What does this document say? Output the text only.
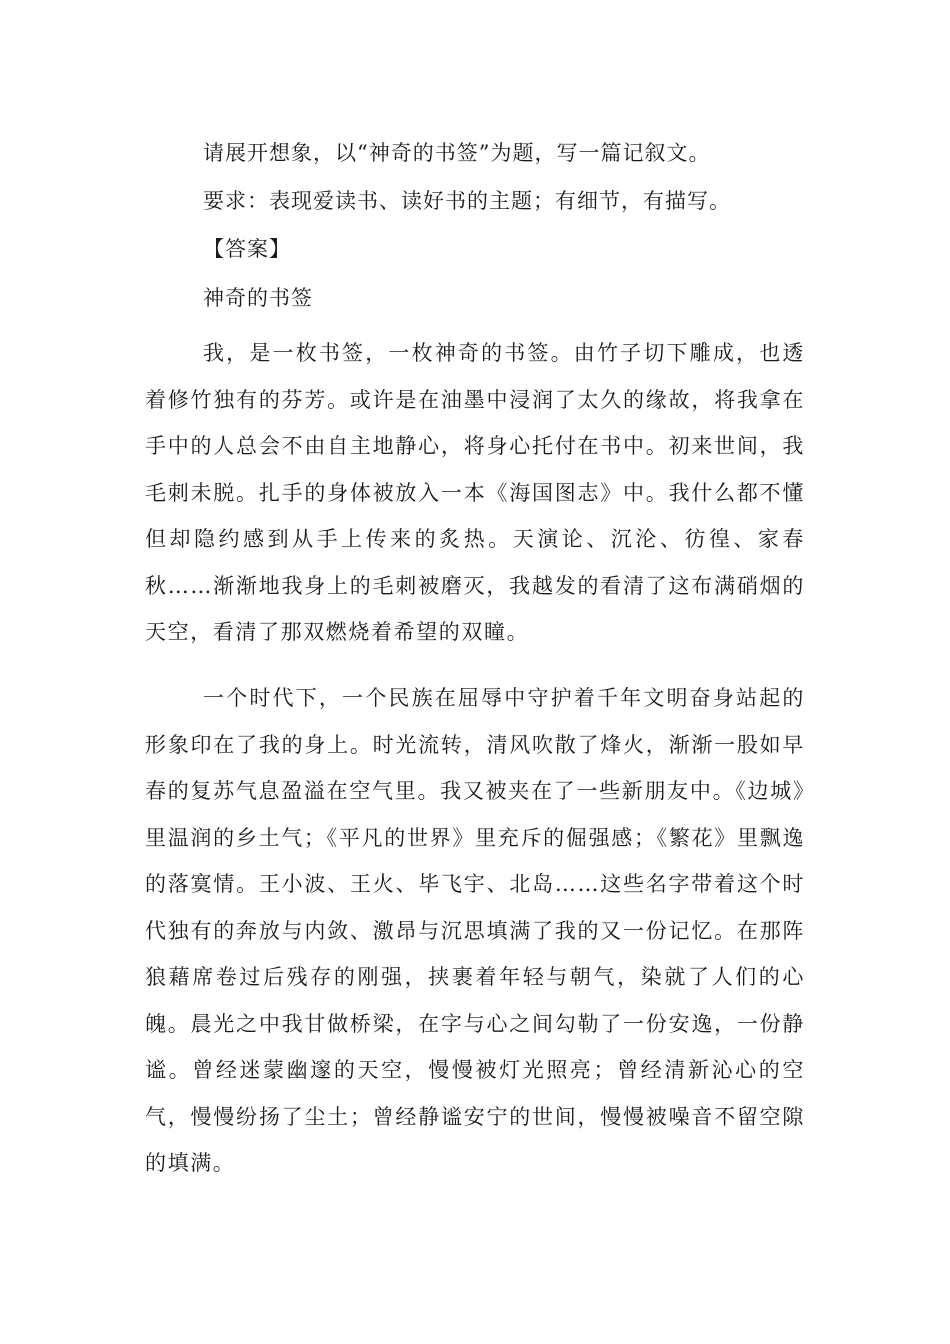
请展开想象，以“神奇的书签”为题，写一篇记叙文。
要求：表现爱读书、读好书的主题；有细节，有描写。
【答案】
神奇的书签

我，是一枚书签，一枚神奇的书签。由竹子切下雕成，也透着修竹独有的芬芳。或许是在油墨中浸润了太久的缘故，将我拿在手中的人总会不由自主地静心，将身心托付在书中。初来世间，我毛刺未脱。扎手的身体被放入一本《海国图志》中。我什么都不懂但却隐约感到从手上传来的炙热。天演论、沉沦、彷徨、家春秋……渐渐地我身上的毛刺被磨灭，我越发的看清了这布满硝烟的天空，看清了那双燃烧着希望的双瞳。

一个时代下，一个民族在屈辱中守护着千年文明奋身站起的形象印在了我的身上。时光流转，清风吹散了烽火，渐渐一股如早春的复苏气息盈溢在空气里。我又被夹在了一些新朋友中。《边城》里温润的乡土气；《平凡的世界》里充斥的倔强感；《繁花》里飘逸的落寞情。王小波、王火、毕飞宇、北岛……这些名字带着这个时代独有的奔放与内敛、激昂与沉思填满了我的又一份记忆。在那阵狼藉席卷过后残存的刚强，挟裹着年轻与朝气，染就了人们的心魄。晨光之中我甘做桥梁，在字与心之间勾勒了一份安逸，一份静谧。曾经迷蒙幽邃的天空，慢慢被灯光照亮；曾经清新沁心的空气，慢慢纷扬了尘土；曾经静谧安宁的世间，慢慢被噪音不留空隙的填满。
